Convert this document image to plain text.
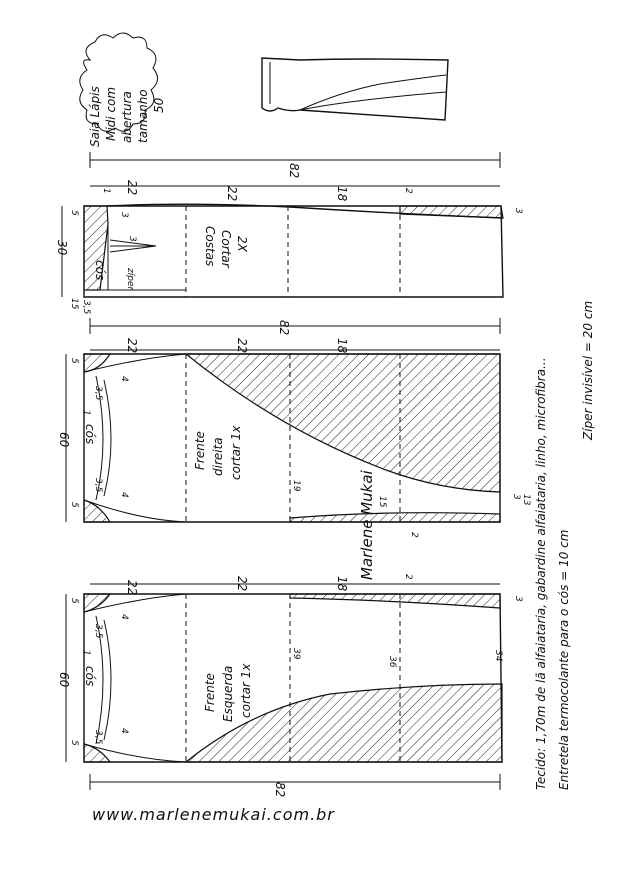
Saia Lápis Midi com abertura tamanho 50
82
22	22	18
30
1
3
2
3
5
3
15 3,5
cós zíper
Costas Cortar 2X
82
22	22	18
60
5
4
3,5
1
3,5
4
5
19
15
2
3 13
cós	Frente direita cortar 1x
82
22	22	18
60
5
3,5
4
1
4
5 3,5
39
36
34
2
3
cós	Frente Esquerda cortar 1x	Tecido: 1,70m de lã alfaiataria, gabardine alfaiataria, linho, microfibra... Entretela termocolante para o cós = 10 cm
Zíper invisível = 20 cm
Marlene Mukai
www.marlenemukai.com.br
